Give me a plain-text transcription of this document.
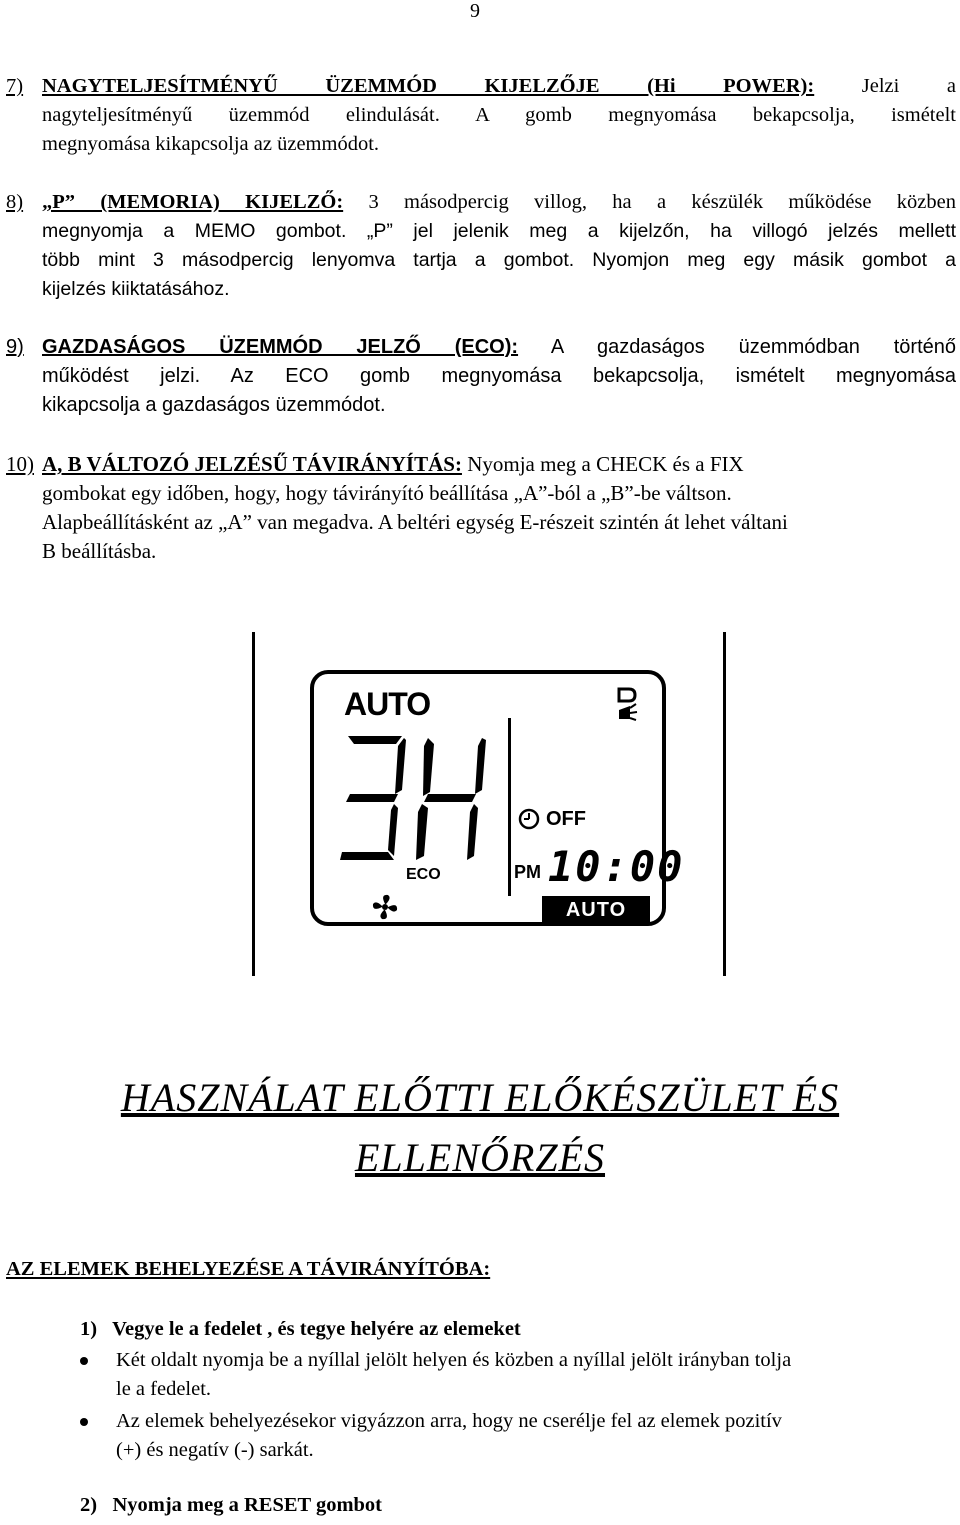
9
7) NAGYTELJESÍTMÉNYŰ ÜZEMMÓD KIJELZŐJE (Hi POWER): Jelzi a

nagyteljesítményű üzemmód elindulását. A gomb megnyomása bekapcsolja, ismételt

megnyomása kikapcsolja az üzemmódot.

8) „P” (MEMORIA) KIJELZŐ: 3 másodpercig villog, ha a készülék működése közben

megnyomja a MEMO gombot. „P” jel jelenik meg a kijelzőn, ha villogó jelzés mellett

több mint 3 másodpercig lenyomva tartja a gombot. Nyomjon meg egy másik gombot a

kijelzés kiiktatásához.

9) GAZDASÁGOS ÜZEMMÓD JELZŐ (ECO): A gazdaságos üzemmódban történő

működést jelzi. Az ECO gomb megnyomása bekapcsolja, ismételt megnyomása

kikapcsolja a gazdaságos üzemmódot.

10) A, B VÁLTOZÓ JELZÉSŰ TÁVIRÁNYÍTÁS: Nyomja meg a CHECK és a FIX

gombokat egy időben, hogy, hogy távirányító beállítása „A”-ból a „B”-be váltson.

Alapbeállításként az „A” van megadva. A beltéri egység E-részeit szintén át lehet váltani

B beállításba.

AUTO
3H
ECO
OFF
PM 10:00
AUTO
HASZNÁLAT ELŐTTI ELŐKÉSZÜLET ÉS
ELLENŐRZÉS
AZ ELEMEK BEHELYEZÉSE A TÁVIRÁNYÍTÓBA:
1)   Vegye le a fedelet , és tegye helyére az elemeket
Két oldalt nyomja be a nyíllal jelölt helyen és közben a nyíllal jelölt irányban tolja
le a fedelet.
Az elemek behelyezésekor vigyázzon arra, hogy ne cserélje fel az elemek pozitív
(+) és negatív (-) sarkát.
2)   Nyomja meg a RESET gombot
